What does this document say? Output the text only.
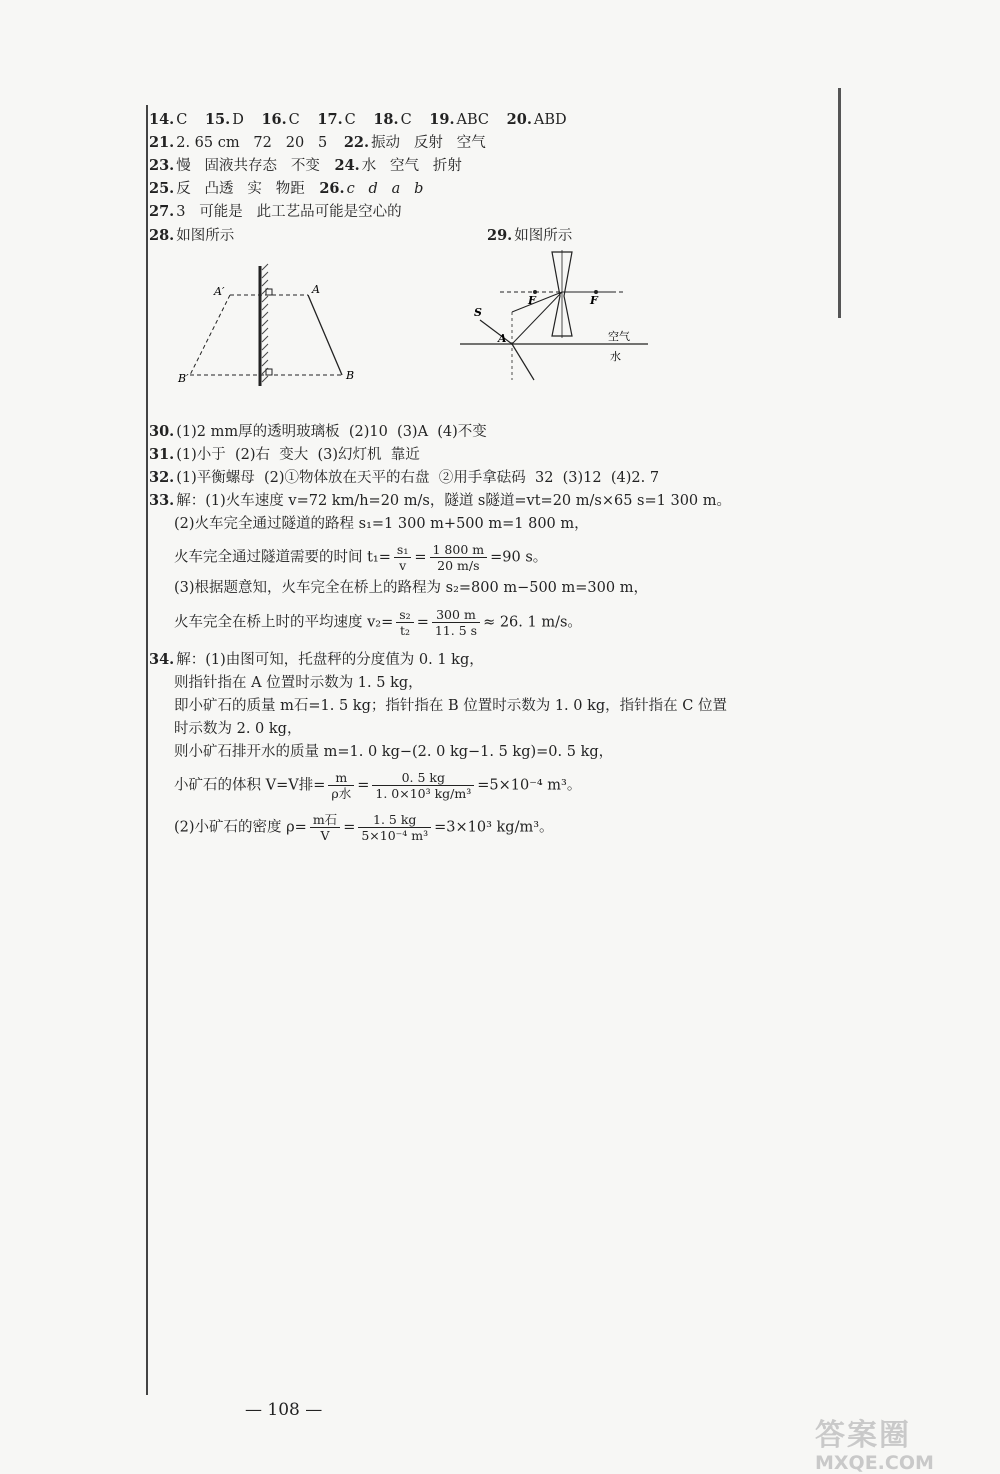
14. C 15. D 16. C 17. C 18. C 19. ABC 20. ABD
21. 2. 65 cm   72   20   5 22. 振动   反射   空气
23. 慢   固液共存态   不变 24. 水   空气   折射
25. 反   凸透   实   物距 26. c   d   a   b
27. 3   可能是   此工艺品可能是空心的
28. 如图所示	29. 如图所示
A′	A
B′	B
F	F
S
A	空气
水
30. (1)2 mm厚的透明玻璃板  (2)10  (3)A  (4)不变
31. (1)小于  (2)右  变大  (3)幻灯机  靠近
32. (1)平衡螺母  (2)①物体放在天平的右盘  ②用手拿砝码  32  (3)12  (4)2. 7
33. 解：(1)火车速度 v=72 km/h=20 m/s，隧道 s隧道=vt=20 m/s×65 s=1 300 m。
(2)火车完全通过隧道的路程 s₁=1 300 m+500 m=1 800 m，
火车完全通过隧道需要的时间 $t_1= \frac{\text{s₁}}{v} = \frac{1 800 m}{20 m/s} =90$ s。
(3)根据题意知，火车完全在桥上的路程为 s₂=800 m−500 m=300 m，
火车完全在桥上时的平均速度 $v_2= \frac{\text{s₂}}{\text{t₂}} = \frac{300 m}{11. 5 s} \approx 26$. 1 m/s。
34. 解：(1)由图可知，托盘秤的分度值为 0. 1 kg，
则指针指在 A 位置时示数为 1. 5 kg，
即小矿石的质量 m石=1. 5 kg；指针指在 B 位置时示数为 1. 0 kg，指针指在 C 位置
时示数为 2. 0 kg，
则小矿石排开水的质量 m=1. 0 kg−(2. 0 kg−1. 5 kg)=0. 5 kg，
小矿石的体积 V=V排= $\frac{m}{\text{ρ水}} = \frac{0. 5 kg}{\text{1. 0×10³ kg/m³}} =5\times 10^{-4}$ m³。
(2)小矿石的密度 $\rho= \frac{\text{m石}}{V} = \frac{1. 5 kg}{\text{5×10⁻⁴ m³}} =3\times 10^3$ kg/m³。
— 108 —
答案圈
MXQE.COM
